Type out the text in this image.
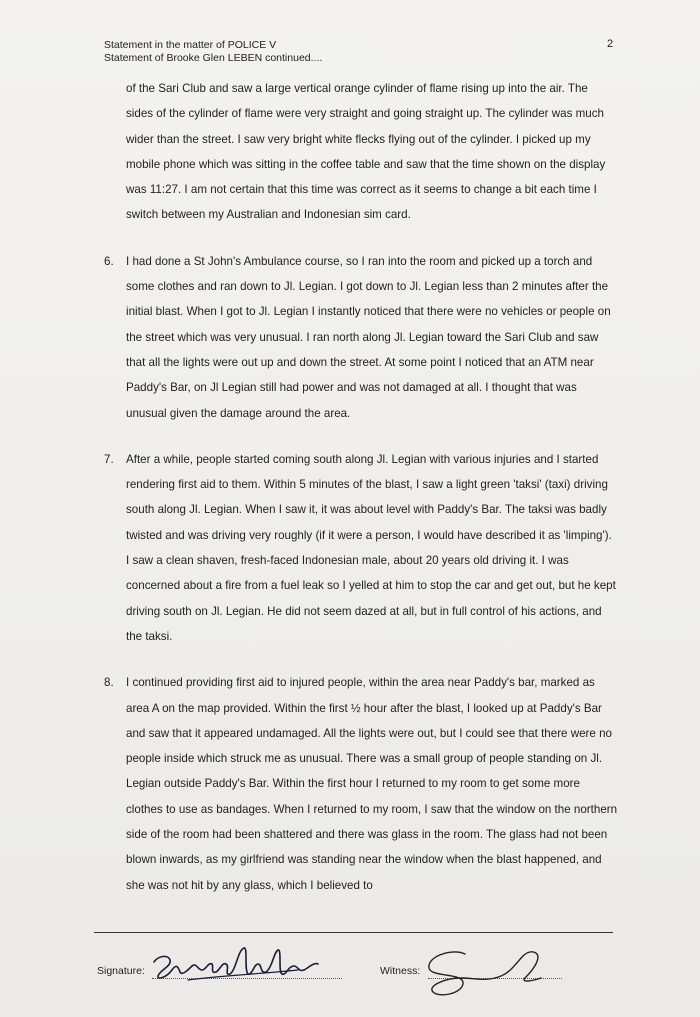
Statement in the matter of POLICE V
Statement of Brooke Glen LEBEN continued....
2

of the Sari Club and saw a large vertical orange cylinder of flame rising up into the air. The sides of the cylinder of flame were very straight and going straight up. The cylinder was much wider than the street. I saw very bright white flecks flying out of the cylinder. I picked up my mobile phone which was sitting in the coffee table and saw that the time shown on the display was 11:27. I am not certain that this time was correct as it seems to change a bit each time I switch between my Australian and Indonesian sim card.

6.	I had done a St John's Ambulance course, so I ran into the room and picked up a torch and some clothes and ran down to Jl. Legian. I got down to Jl. Legian less than 2 minutes after the initial blast. When I got to Jl. Legian I instantly noticed that there were no vehicles or people on the street which was very unusual. I ran north along Jl. Legian toward the Sari Club and saw that all the lights were out up and down the street. At some point I noticed that an ATM near Paddy's Bar, on Jl Legian still had power and was not damaged at all. I thought that was unusual given the damage around the area.
7.	After a while, people started coming south along Jl. Legian with various injuries and I started rendering first aid to them. Within 5 minutes of the blast, I saw a light green 'taksi' (taxi) driving south along Jl. Legian. When I saw it, it was about level with Paddy's Bar. The taksi was badly twisted and was driving very roughly (if it were a person, I would have described it as 'limping'). I saw a clean shaven, fresh-faced Indonesian male, about 20 years old driving it. I was concerned about a fire from a fuel leak so I yelled at him to stop the car and get out, but he kept driving south on Jl. Legian. He did not seem dazed at all, but in full control of his actions, and the taksi.
8.	I continued providing first aid to injured people, within the area near Paddy's bar, marked as area A on the map provided. Within the first ½ hour after the blast, I looked up at Paddy's Bar and saw that it appeared undamaged. All the lights were out, but I could see that there were no people inside which struck me as unusual. There was a small group of people standing on Jl. Legian outside Paddy's Bar. Within the first hour I returned to my room to get some more clothes to use as bandages. When I returned to my room, I saw that the window on the northern side of the room had been shattered and there was glass in the room. The glass had not been blown inwards, as my girlfriend was standing near the window when the blast happened, and she was not hit by any glass, which I believed to
Signature:	Witness:
